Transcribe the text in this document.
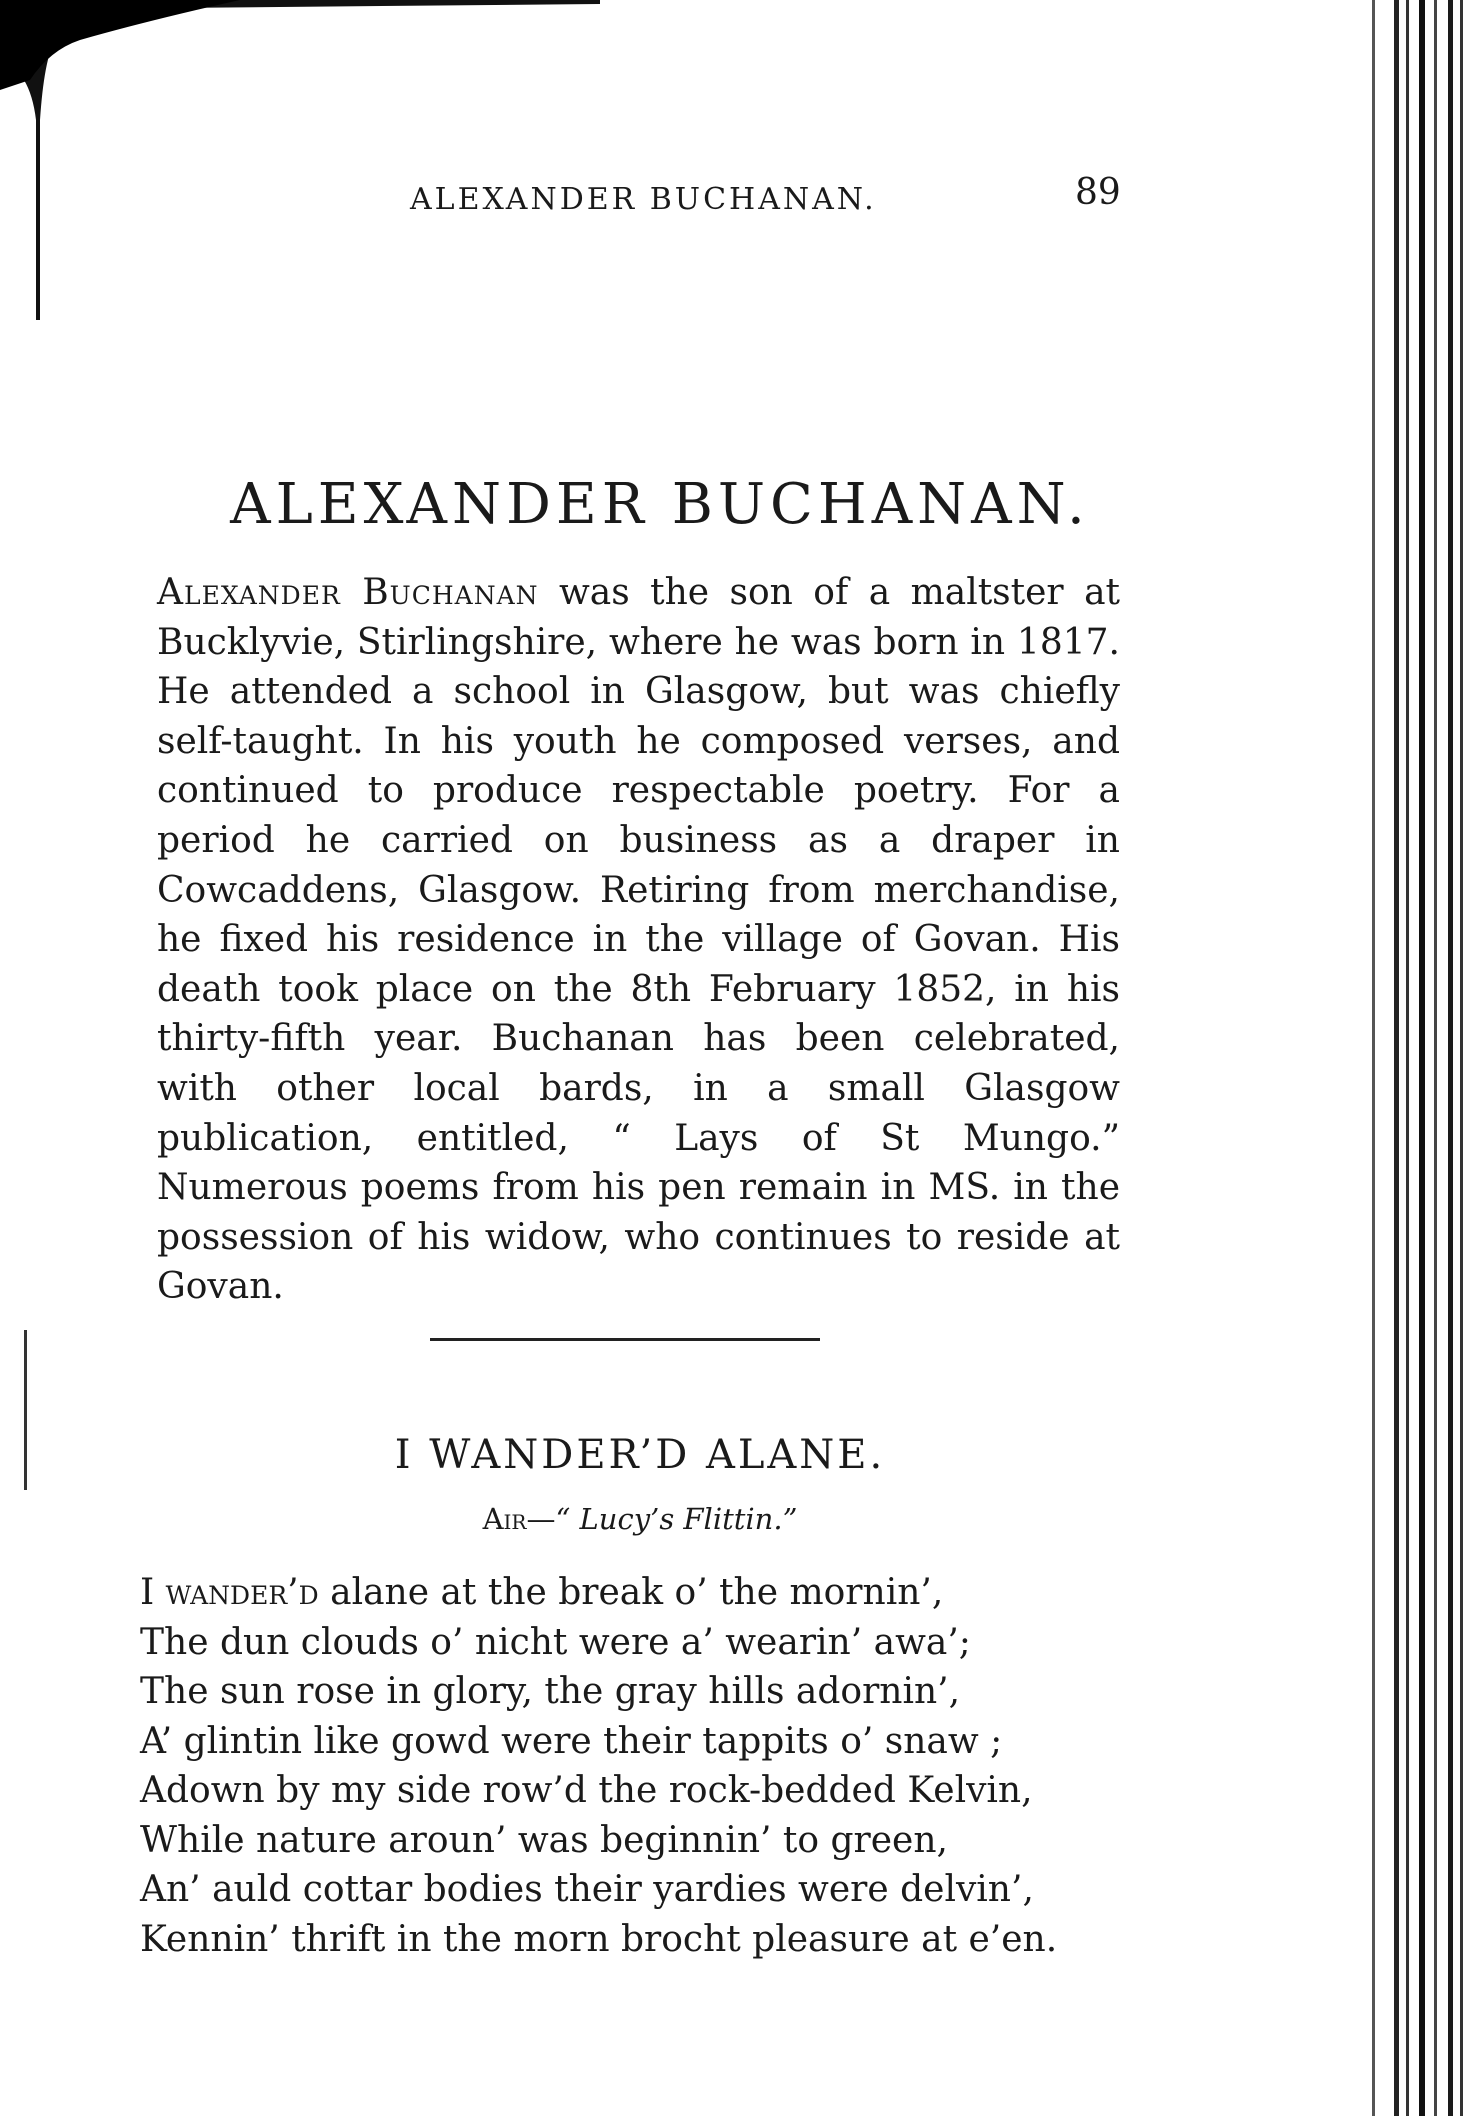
ALEXANDER BUCHANAN.	89
ALEXANDER BUCHANAN.
Alexander Buchanan was the son of a maltster at Bucklyvie, Stirlingshire, where he was born in 1817. He attended a school in Glasgow, but was chiefly self-taught. In his youth he composed verses, and continued to produce respectable poetry. For a period he carried on business as a draper in Cowcaddens, Glasgow. Retiring from merchandise, he fixed his residence in the village of Govan. His death took place on the 8th February 1852, in his thirty-fifth year. Buchanan has been celebrated, with other local bards, in a small Glasgow publication, entitled, “ Lays of St Mungo.” Numerous poems from his pen remain in MS. in the possession of his widow, who continues to reside at Govan.
I WANDER’D ALANE.
Air—“ Lucy’s Flittin.”
I wander’d alane at the break o’ the mornin’,
The dun clouds o’ nicht were a’ wearin’ awa’;
The sun rose in glory, the gray hills adornin’,
A’ glintin like gowd were their tappits o’ snaw ;
Adown by my side row’d the rock-bedded Kelvin,
While nature aroun’ was beginnin’ to green,
An’ auld cottar bodies their yardies were delvin’,
Kennin’ thrift in the morn brocht pleasure at e’en.
